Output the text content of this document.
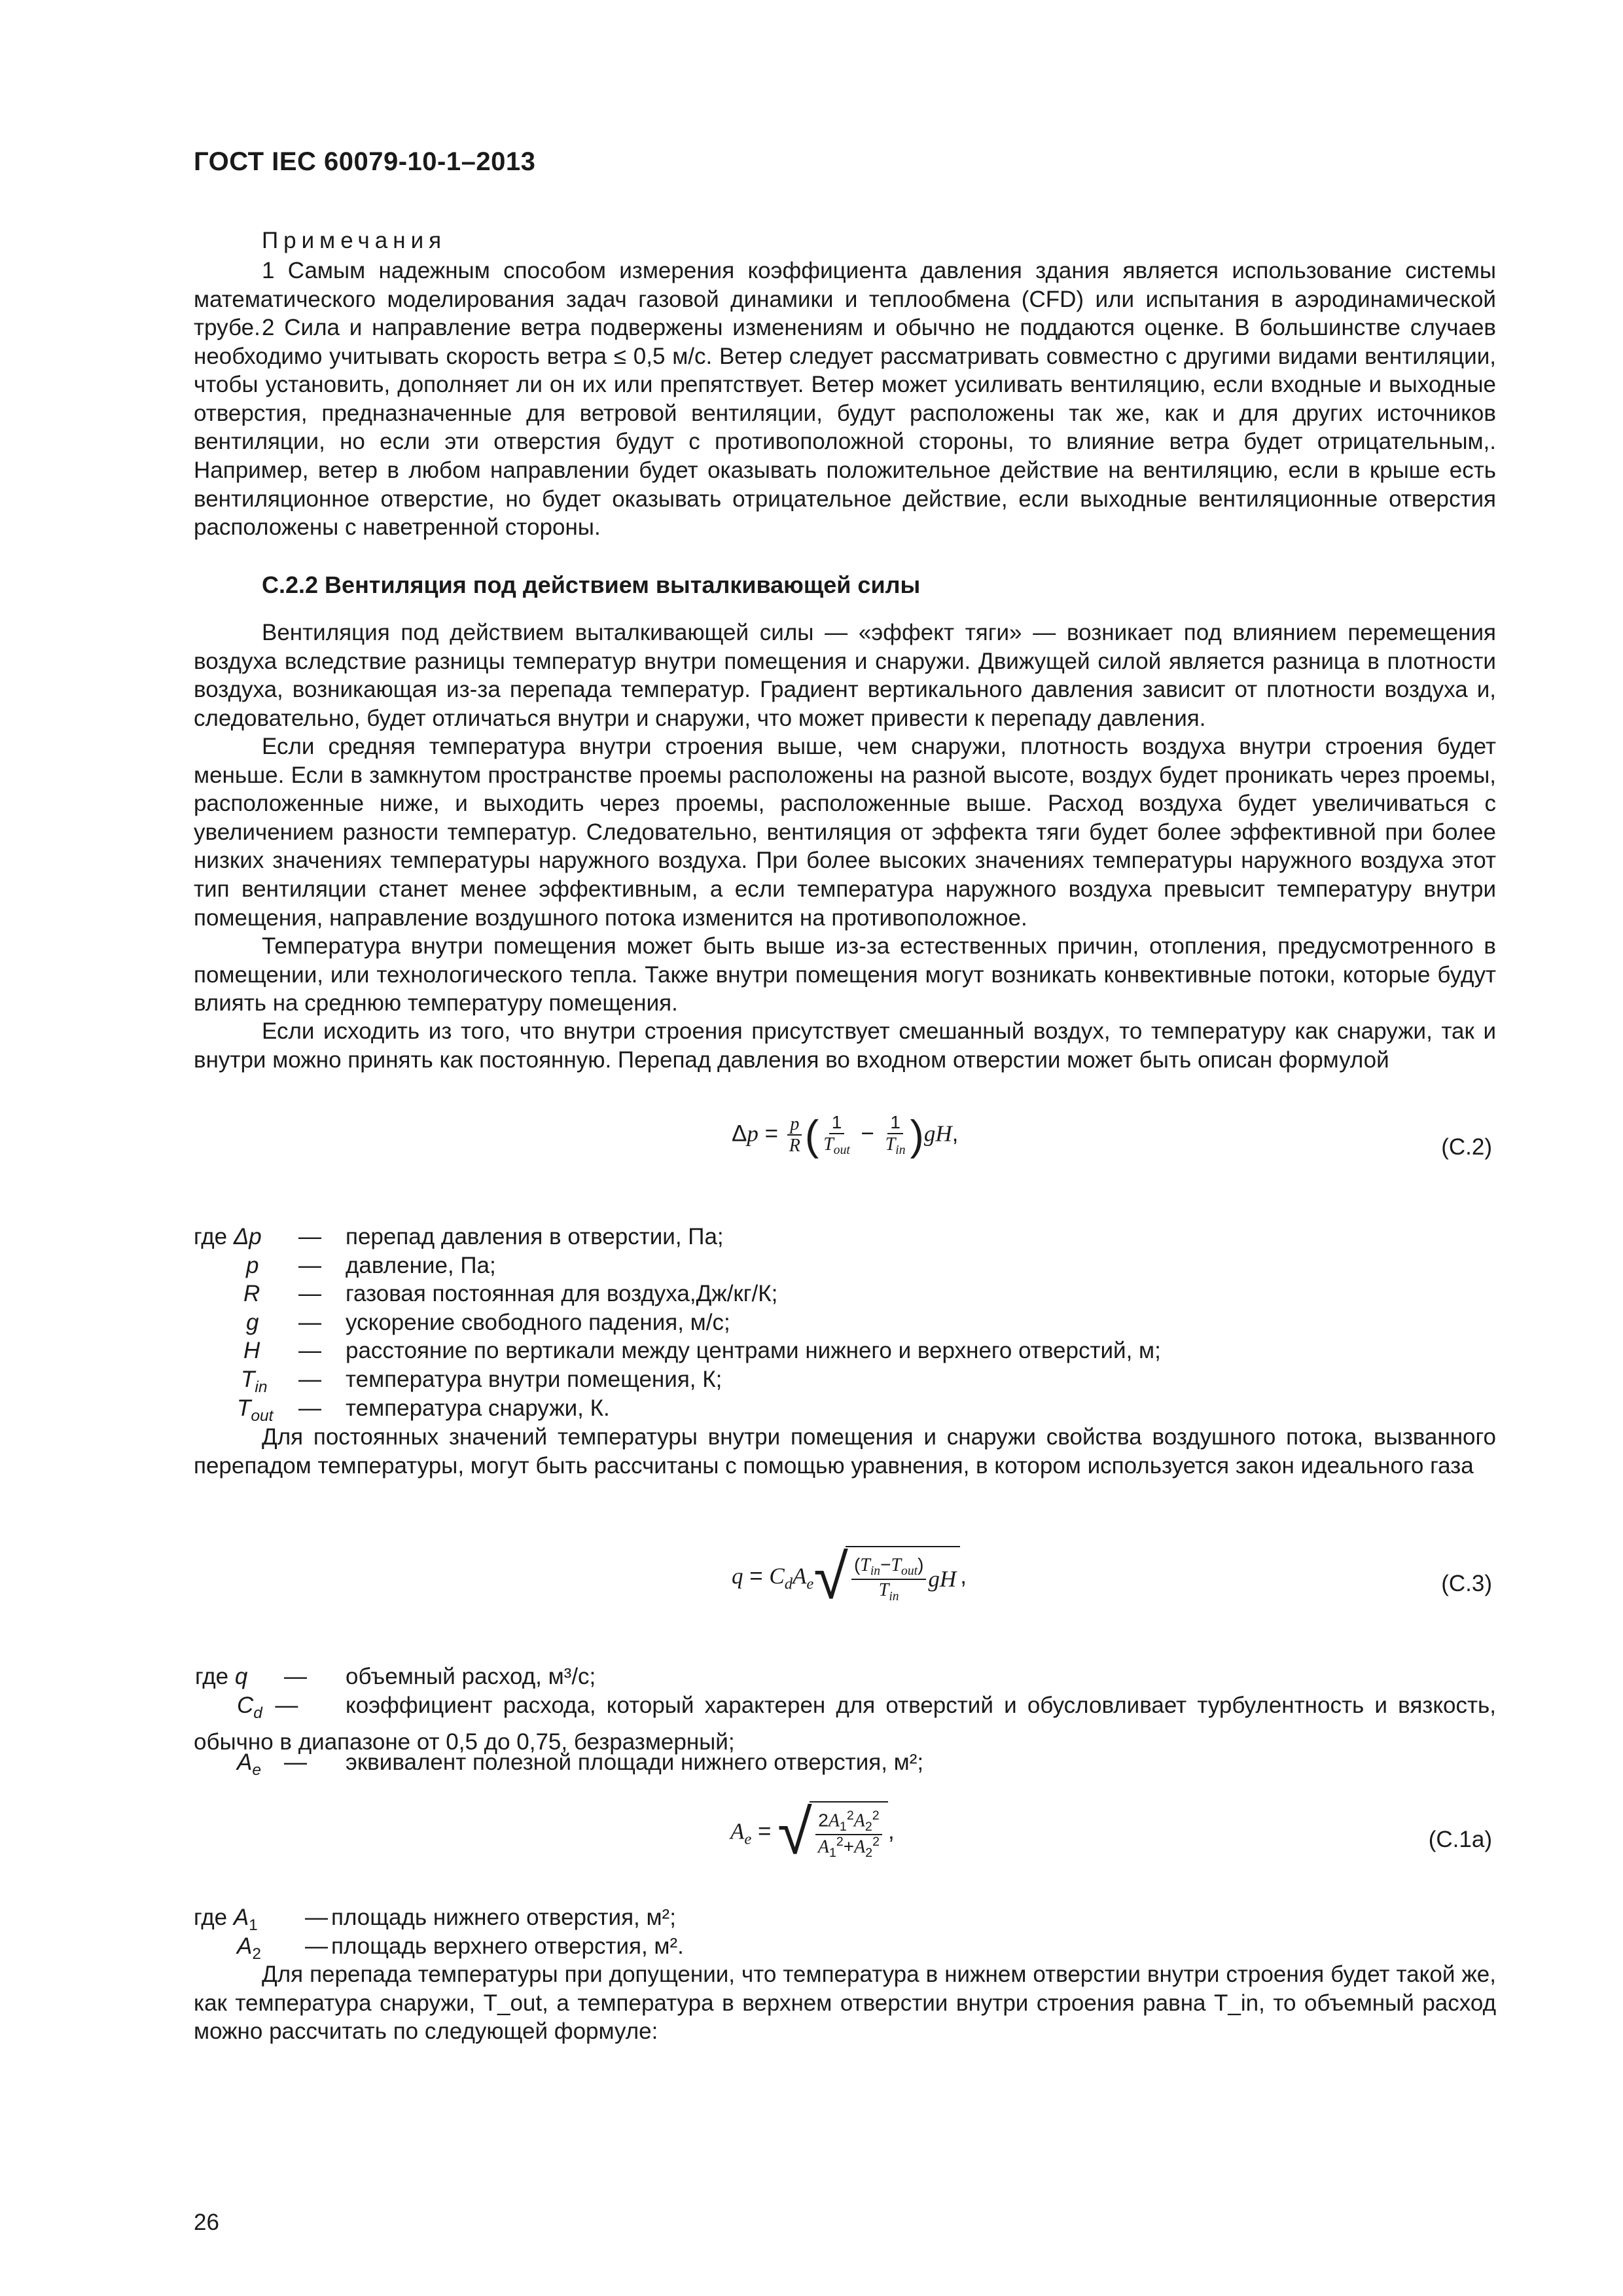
ГОСТ IEC 60079-10-1–2013
Примечания
1 Самым надежным способом измерения коэффициента давления здания является использование системы математического моделирования задач газовой динамики и теплообмена (CFD) или испытания в аэродинамической трубе. 2 Сила и направление ветра подвержены изменениям и обычно не поддаются оценке. В большинстве случаев необходимо учитывать скорость ветра ≤ 0,5 м/с. Ветер следует рассматривать совместно с другими видами вентиляции, чтобы установить, дополняет ли он их или препятствует. Ветер может усиливать вентиляцию, если входные и выходные отверстия, предназначенные для ветровой вентиляции, будут расположены так же, как и для других источников вентиляции, но если эти отверстия будут с противоположной стороны, то влияние ветра будет отрицательным,. Например, ветер в любом направлении будет оказывать положительное действие на вентиляцию, если в крыше есть вентиляционное отверстие, но будет оказывать отрицательное действие, если выходные вентиляционные отверстия расположены с наветренной стороны.
С.2.2 Вентиляция под действием выталкивающей силы
Вентиляция под действием выталкивающей силы — «эффект тяги» — возникает под влиянием перемещения воздуха вследствие разницы температур внутри помещения и снаружи. Движущей силой является разница в плотности воздуха, возникающая из-за перепада температур. Градиент вертикального давления зависит от плотности воздуха и, следовательно, будет отличаться внутри и снаружи, что может привести к перепаду давления.
Если средняя температура внутри строения выше, чем снаружи, плотность воздуха внутри строения будет меньше. Если в замкнутом пространстве проемы расположены на разной высоте, воздух будет проникать через проемы, расположенные ниже, и выходить через проемы, расположенные выше. Расход воздуха будет увеличиваться с увеличением разности температур. Следовательно, вентиляция от эффекта тяги будет более эффективной при более низких значениях температуры наружного воздуха. При более высоких значениях температуры наружного воздуха этот тип вентиляции станет менее эффективным, а если температура наружного воздуха превысит температуру внутри помещения, направление воздушного потока изменится на противоположное.
Температура внутри помещения может быть выше из-за естественных причин, отопления, предусмотренного в помещении, или технологического тепла. Также внутри помещения могут возникать конвективные потоки, которые будут влиять на среднюю температуру помещения.
Если исходить из того, что внутри строения присутствует смешанный воздух, то температуру как снаружи, так и внутри можно принять как постоянную. Перепад давления во входном отверстии может быть описан формулой
$\Delta p = \frac{p}{R}$ ( $\frac{1}{T_{out}} - \frac{1}{T_{in}} )gH$,
(С.2)
где Δp — перепад давления в отверстии, Па;
p — давление, Па;
R — газовая постоянная для воздуха,Дж/кг/К;
g — ускорение свободного падения, м/с;
H — расстояние по вертикали между центрами нижнего и верхнего отверстий, м;
$T_{in}$ — температура внутри помещения, К;
$T_{out}$ — температура снаружи, К.
Для постоянных значений температуры внутри помещения и снаружи свойства воздушного потока, вызванного перепадом температуры, могут быть рассчитаны с помощью уравнения, в котором используется закон идеального газа
$q = C_dA_e$ √ $\frac{(T_{in}-T_{out})}{T_{in}}$ gH ,	(С.3)
где q — объемный расход, м³/с;
$C_d$  — коэффициент расхода, который характерен для отверстий и обусловливает турбулентность и вязкость, обычно в диапазоне от 0,5 до 0,75, безразмерный;
$A_e$ — эквивалент полезной площади нижнего отверстия, м²;
$A_e$ = √ $\frac{2A_1^2A_2^2}{A_1^2+A_2^2}$ ,	(С.1а)
где $A_1$ — площадь нижнего отверстия, м²;
$A_2$ — площадь верхнего отверстия, м².
Для перепада температуры при допущении, что температура в нижнем отверстии внутри строения будет такой же, как температура снаружи, T_out, а температура в верхнем отверстии внутри строения равна T_in, то объемный расход можно рассчитать по следующей формуле:
26
